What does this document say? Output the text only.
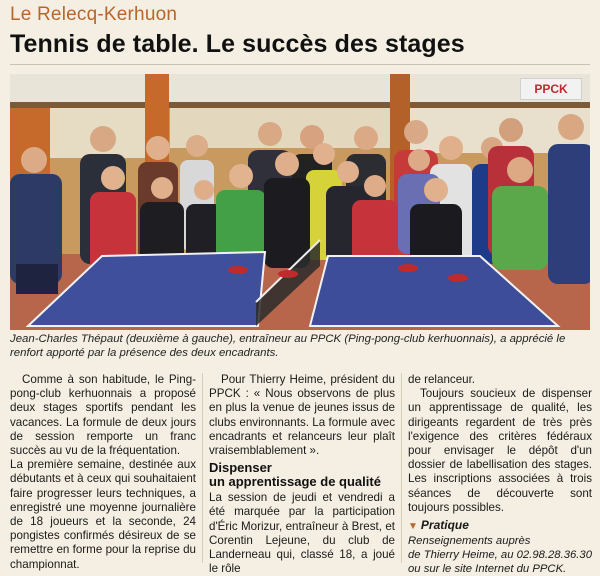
Le Relecq-Kerhuon
Tennis de table. Le succès des stages
PPCK
Jean-Charles Thépaut (deuxième à gauche), entraîneur au PPCK (Ping-pong-club kerhuonnais), a apprécié le renfort apporté par la présence des deux encadrants.

Comme à son habitude, le Ping-pong-club kerhuonnais a proposé deux stages sportifs pendant les vacances. La formule de deux jours de session remporte un franc succès au vu de la fréquentation.

La première semaine, destinée aux débutants et à ceux qui souhaitaient faire progresser leurs techniques, a enregistré une moyenne journalière de 18 joueurs et la seconde, 24 pongistes confirmés désireux de se remettre en forme pour la reprise du championnat.

Pour Thierry Heime, président du PPCK : « Nous observons de plus en plus la venue de jeunes issus de clubs environnants. La formule avec encadrants et relanceurs leur plaît vraisemblablement ».

Dispenser
un apprentissage de qualité

La session de jeudi et vendredi a été marquée par la participation d'Éric Morizur, entraîneur à Brest, et Corentin Lejeune, du club de Landerneau qui, classé 18, a joué le rôle

de relanceur.

Toujours soucieux de dispenser un apprentissage de qualité, les dirigeants regardent de très près l'exigence des critères fédéraux pour envisager le dépôt d'un dossier de labellisation des stages. Les inscriptions associées à trois séances de découverte sont toujours possibles.

▼ Pratique
Renseignements auprès
de Thierry Heime, au 02.98.28.36.30
ou sur le site Internet du PPCK.
